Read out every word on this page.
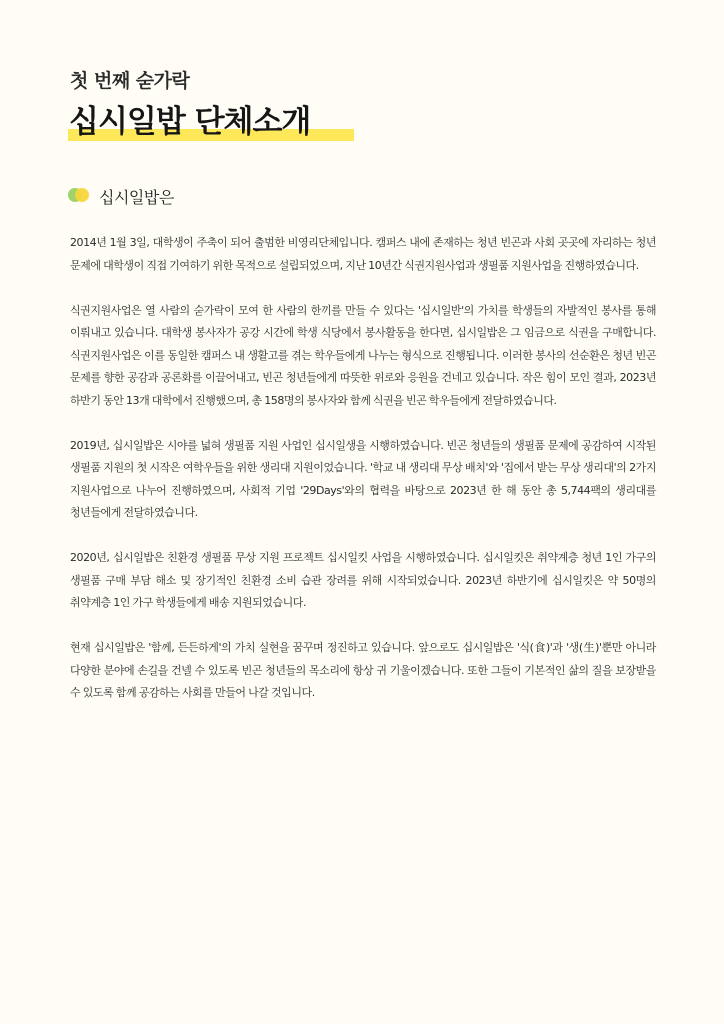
첫 번째 숟가락
십시일밥 단체소개
십시일밥은

2014년 1월 3일, 대학생이 주축이 되어 출범한 비영리단체입니다. 캠퍼스 내에 존재하는 청년 빈곤과 사회 곳곳에 자리하는 청년 문제에 대학생이 직접 기여하기 위한 목적으로 설립되었으며, 지난 10년간 식권지원사업과 생필품 지원사업을 진행하였습니다.

식권지원사업은 열 사람의 숟가락이 모여 한 사람의 한끼를 만들 수 있다는 '십시일반'의 가치를 학생들의 자발적인 봉사를 통해 이뤄내고 있습니다. 대학생 봉사자가 공강 시간에 학생 식당에서 봉사활동을 한다면, 십시일밥은 그 임금으로 식권을 구매합니다. 식권지원사업은 이를 동일한 캠퍼스 내 생활고를 겪는 학우들에게 나누는 형식으로 진행됩니다. 이러한 봉사의 선순환은 청년 빈곤 문제를 향한 공감과 공론화를 이끌어내고, 빈곤 청년들에게 따뜻한 위로와 응원을 건네고 있습니다. 작은 힘이 모인 결과, 2023년 하반기 동안 13개 대학에서 진행했으며, 총 158명의 봉사자와 함께 식권을 빈곤 학우들에게 전달하였습니다.

2019년, 십시일밥은 시야를 넓혀 생필품 지원 사업인 십시일생을 시행하였습니다. 빈곤 청년들의 생필품 문제에 공감하여 시작된 생필품 지원의 첫 시작은 여학우들을 위한 생리대 지원이었습니다. '학교 내 생리대 무상 배치'와 '집에서 받는 무상 생리대'의 2가지 지원사업으로 나누어 진행하였으며, 사회적 기업 '29Days'와의 협력을 바탕으로 2023년 한 해 동안 총 5,744팩의 생리대를 청년들에게 전달하였습니다.

2020년, 십시일밥은 친환경 생필품 무상 지원 프로젝트 십시일킷 사업을 시행하였습니다. 십시일킷은 취약계층 청년 1인 가구의 생필품 구매 부담 해소 및 장기적인 친환경 소비 습관 장려를 위해 시작되었습니다. 2023년 하반기에 십시일킷은 약 50명의 취약계층 1인 가구 학생들에게 배송 지원되었습니다.

현재 십시일밥은 '함께, 든든하게'의 가치 실현을 꿈꾸며 정진하고 있습니다. 앞으로도 십시일밥은 '식(食)'과 '생(生)'뿐만 아니라 다양한 분야에 손길을 건넬 수 있도록 빈곤 청년들의 목소리에 항상 귀 기울이겠습니다. 또한 그들이 기본적인 삶의 질을 보장받을 수 있도록 함께 공감하는 사회를 만들어 나갈 것입니다.
